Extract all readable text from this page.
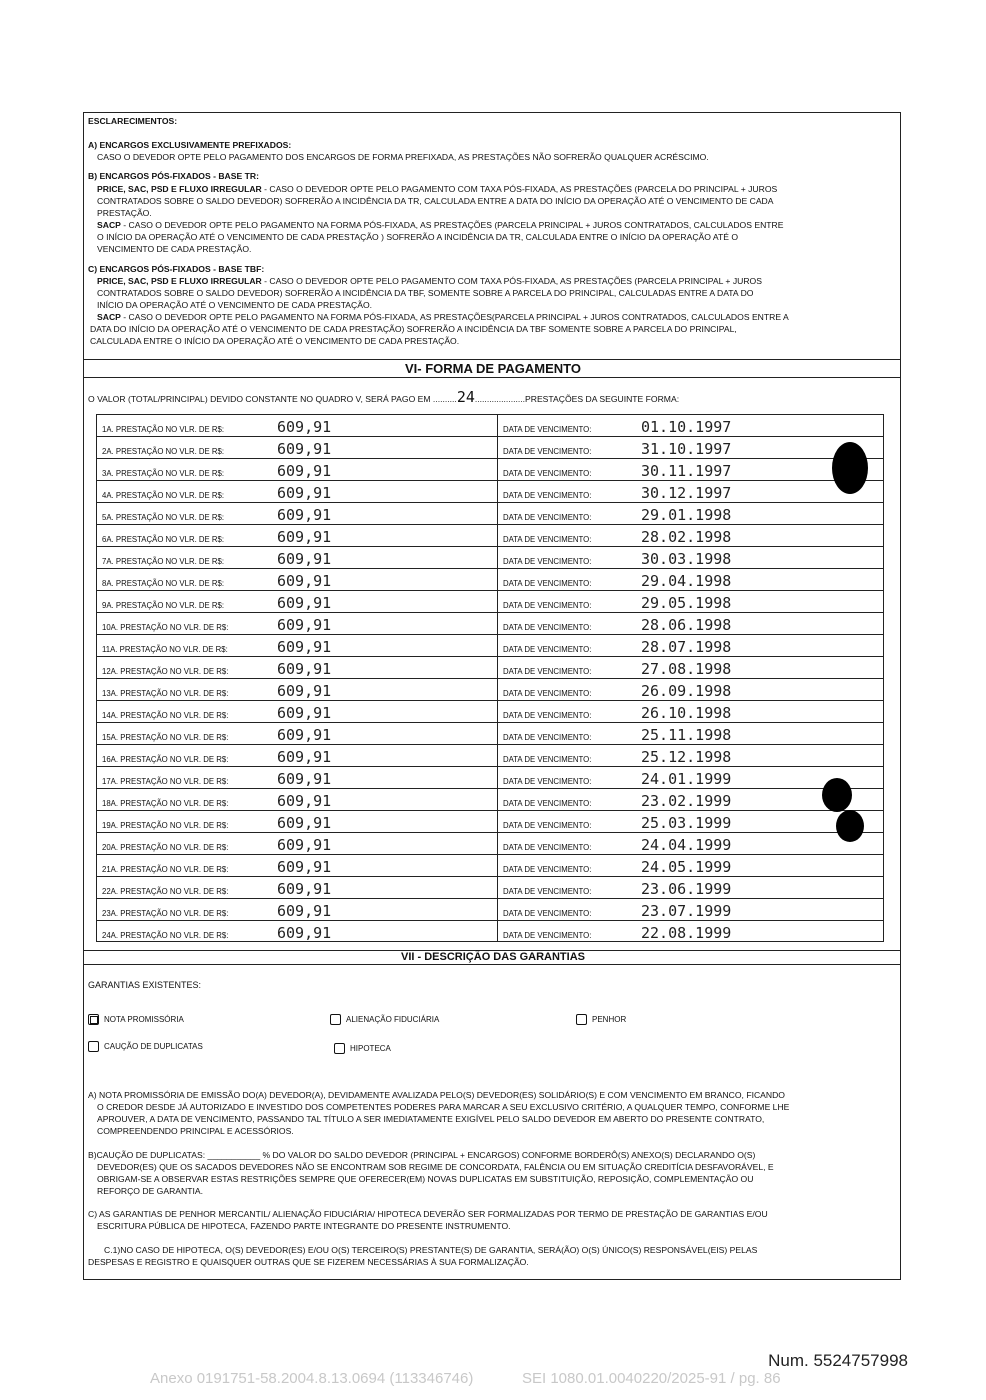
ESCLARECIMENTOS:
A) ENCARGOS EXCLUSIVAMENTE PREFIXADOS:
CASO O DEVEDOR OPTE PELO PAGAMENTO DOS ENCARGOS DE FORMA PREFIXADA, AS PRESTAÇÕES NÃO SOFRERÃO QUALQUER ACRÉSCIMO.
B) ENCARGOS PÓS-FIXADOS - BASE TR:
PRICE, SAC, PSD E FLUXO IRREGULAR - CASO O DEVEDOR OPTE PELO PAGAMENTO COM TAXA PÓS-FIXADA, AS PRESTAÇÕES (PARCELA DO PRINCIPAL + JUROS
CONTRATADOS SOBRE O SALDO DEVEDOR) SOFRERÃO A INCIDÊNCIA DA TR, CALCULADA ENTRE A DATA DO INÍCIO DA OPERAÇÃO ATÉ O VENCIMENTO DE CADA
PRESTAÇÃO.
SACP - CASO O DEVEDOR OPTE PELO PAGAMENTO NA FORMA PÓS-FIXADA, AS PRESTAÇÕES (PARCELA PRINCIPAL + JUROS CONTRATADOS, CALCULADOS ENTRE
O INÍCIO DA OPERAÇÃO ATÉ O VENCIMENTO DE CADA PRESTAÇÃO ) SOFRERÃO A INCIDÊNCIA DA TR, CALCULADA ENTRE O INÍCIO DA OPERAÇÃO ATÉ O
VENCIMENTO DE CADA PRESTAÇÃO.
C) ENCARGOS PÓS-FIXADOS - BASE TBF:
PRICE, SAC, PSD E FLUXO IRREGULAR - CASO O DEVEDOR OPTE PELO PAGAMENTO COM TAXA PÓS-FIXADA, AS PRESTAÇÕES (PARCELA PRINCIPAL + JUROS
CONTRATADOS SOBRE O SALDO DEVEDOR) SOFRERÃO A INCIDÊNCIA DA TBF, SOMENTE SOBRE A PARCELA DO PRINCIPAL, CALCULADAS ENTRE A DATA DO
INÍCIO DA OPERAÇÃO ATÉ O VENCIMENTO DE CADA PRESTAÇÃO.
SACP - CASO O DEVEDOR OPTE PELO PAGAMENTO NA FORMA PÓS-FIXADA, AS PRESTAÇÕES(PARCELA PRINCIPAL + JUROS CONTRATADOS, CALCULADOS ENTRE A
DATA DO INÍCIO DA OPERAÇÃO ATÉ O VENCIMENTO DE CADA PRESTAÇÃO) SOFRERÃO A INCIDÊNCIA DA TBF SOMENTE SOBRE A PARCELA DO PRINCIPAL,
CALCULADA ENTRE O INÍCIO DA OPERAÇÃO ATÉ O VENCIMENTO DE CADA PRESTAÇÃO.
VI- FORMA DE PAGAMENTO
O VALOR (TOTAL/PRINCIPAL) DEVIDO CONSTANTE NO QUADRO V, SERÁ PAGO EM ..........24.....................PRESTAÇÕES DA SEGUINTE FORMA:
1A. PRESTAÇÃO NO VLR. DE R$:	609,91	DATA DE VENCIMENTO:	01.10.1997
2A. PRESTAÇÃO NO VLR. DE R$:	609,91	DATA DE VENCIMENTO:	31.10.1997
3A. PRESTAÇÃO NO VLR. DE R$:	609,91	DATA DE VENCIMENTO:	30.11.1997
4A. PRESTAÇÃO NO VLR. DE R$:	609,91	DATA DE VENCIMENTO:	30.12.1997
5A. PRESTAÇÃO NO VLR. DE R$:	609,91	DATA DE VENCIMENTO:	29.01.1998
6A. PRESTAÇÃO NO VLR. DE R$:	609,91	DATA DE VENCIMENTO:	28.02.1998
7A. PRESTAÇÃO NO VLR. DE R$:	609,91	DATA DE VENCIMENTO:	30.03.1998
8A. PRESTAÇÃO NO VLR. DE R$:	609,91	DATA DE VENCIMENTO:	29.04.1998
9A. PRESTAÇÃO NO VLR. DE R$:	609,91	DATA DE VENCIMENTO:	29.05.1998
10A. PRESTAÇÃO NO VLR. DE R$:	609,91	DATA DE VENCIMENTO:	28.06.1998
11A. PRESTAÇÃO NO VLR. DE R$:	609,91	DATA DE VENCIMENTO:	28.07.1998
12A. PRESTAÇÃO NO VLR. DE R$:	609,91	DATA DE VENCIMENTO:	27.08.1998
13A. PRESTAÇÃO NO VLR. DE R$:	609,91	DATA DE VENCIMENTO:	26.09.1998
14A. PRESTAÇÃO NO VLR. DE R$:	609,91	DATA DE VENCIMENTO:	26.10.1998
15A. PRESTAÇÃO NO VLR. DE R$:	609,91	DATA DE VENCIMENTO:	25.11.1998
16A. PRESTAÇÃO NO VLR. DE R$:	609,91	DATA DE VENCIMENTO:	25.12.1998
17A. PRESTAÇÃO NO VLR. DE R$:	609,91	DATA DE VENCIMENTO:	24.01.1999
18A. PRESTAÇÃO NO VLR. DE R$:	609,91	DATA DE VENCIMENTO:	23.02.1999
19A. PRESTAÇÃO NO VLR. DE R$:	609,91	DATA DE VENCIMENTO:	25.03.1999
20A. PRESTAÇÃO NO VLR. DE R$:	609,91	DATA DE VENCIMENTO:	24.04.1999
21A. PRESTAÇÃO NO VLR. DE R$:	609,91	DATA DE VENCIMENTO:	24.05.1999
22A. PRESTAÇÃO NO VLR. DE R$:	609,91	DATA DE VENCIMENTO:	23.06.1999
23A. PRESTAÇÃO NO VLR. DE R$:	609,91	DATA DE VENCIMENTO:	23.07.1999
24A. PRESTAÇÃO NO VLR. DE R$:	609,91	DATA DE VENCIMENTO:	22.08.1999
VII - DESCRIÇÃO DAS GARANTIAS
GARANTIAS EXISTENTES:
NOTA PROMISSÓRIA	ALIENAÇÃO FIDUCIÁRIA	PENHOR
CAUÇÃO DE DUPLICATAS	HIPOTECA
A) NOTA PROMISSÓRIA DE EMISSÃO DO(A) DEVEDOR(A), DEVIDAMENTE AVALIZADA PELO(S) DEVEDOR(ES) SOLIDÁRIO(S) E COM VENCIMENTO EM BRANCO, FICANDO
O CREDOR DESDE JÁ AUTORIZADO E INVESTIDO DOS COMPETENTES PODERES PARA MARCAR A SEU EXCLUSIVO CRITÉRIO, A QUALQUER TEMPO, CONFORME LHE
APROUVER, A DATA DE VENCIMENTO, PASSANDO TAL TÍTULO A SER IMEDIATAMENTE EXIGÍVEL PELO SALDO DEVEDOR EM ABERTO DO PRESENTE CONTRATO,
COMPREENDENDO PRINCIPAL E ACESSÓRIOS.
B)CAUÇÃO DE DUPLICATAS: ___________ % DO VALOR DO SALDO DEVEDOR (PRINCIPAL + ENCARGOS) CONFORME BORDERÔ(S) ANEXO(S) DECLARANDO O(S)
DEVEDOR(ES) QUE OS SACADOS DEVEDORES NÃO SE ENCONTRAM SOB REGIME DE CONCORDATA, FALÊNCIA OU EM SITUAÇÃO CREDITÍCIA DESFAVORÁVEL, E
OBRIGAM-SE A OBSERVAR ESTAS RESTRIÇÕES SEMPRE QUE OFERECER(EM) NOVAS DUPLICATAS EM SUBSTITUIÇÃO, REPOSIÇÃO, COMPLEMENTAÇÃO OU
REFORÇO DE GARANTIA.
C) AS GARANTIAS DE PENHOR MERCANTIL/ ALIENAÇÃO FIDUCIÁRIA/ HIPOTECA DEVERÃO SER FORMALIZADAS POR TERMO DE PRESTAÇÃO DE GARANTIAS E/OU
ESCRITURA PÚBLICA DE HIPOTECA, FAZENDO PARTE INTEGRANTE DO PRESENTE INSTRUMENTO.
C.1)NO CASO DE HIPOTECA, O(S) DEVEDOR(ES) E/OU O(S) TERCEIRO(S) PRESTANTE(S) DE GARANTIA, SERÁ(ÃO) O(S) ÚNICO(S) RESPONSÁVEL(EIS) PELAS
DESPESAS E REGISTRO E QUAISQUER OUTRAS QUE SE FIZEREM NECESSÁRIAS À SUA FORMALIZAÇÃO.
Num. 5524757998
Anexo 0191751-58.2004.8.13.0694 (113346746)	SEI 1080.01.0040220/2025-91 / pg. 86
